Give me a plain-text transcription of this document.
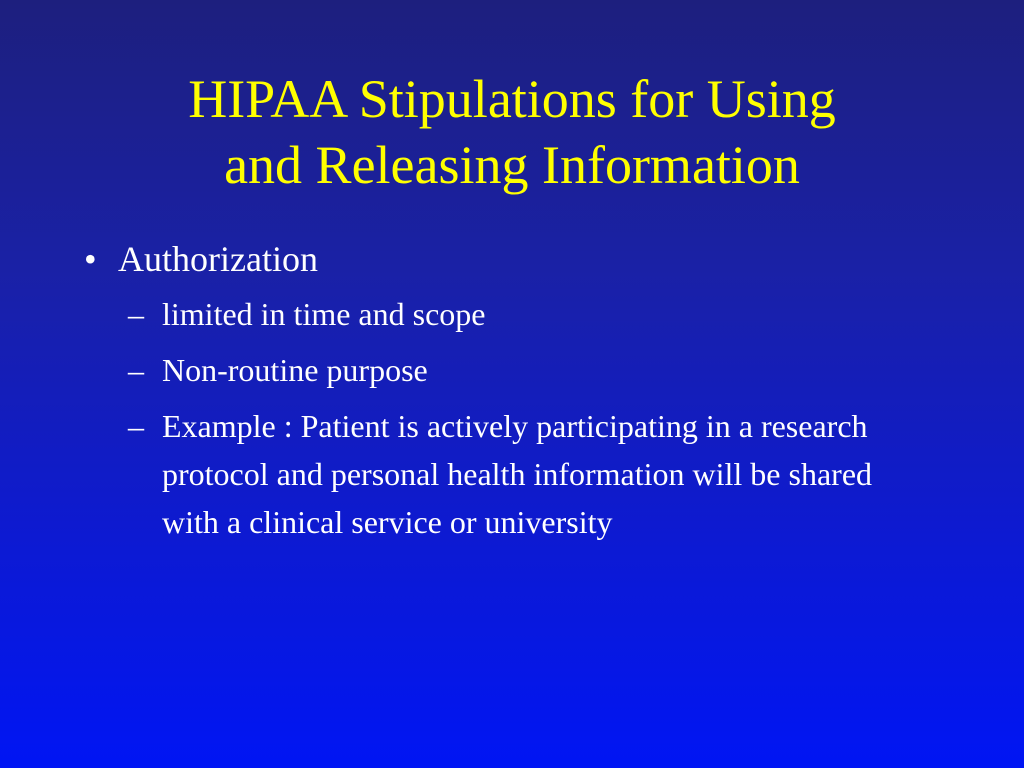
HIPAA Stipulations for Using
and Releasing Information
• Authorization
– limited in time and scope
– Non-routine purpose
– Example : Patient is actively participating in a research protocol and personal health information will be shared with a clinical service or university
